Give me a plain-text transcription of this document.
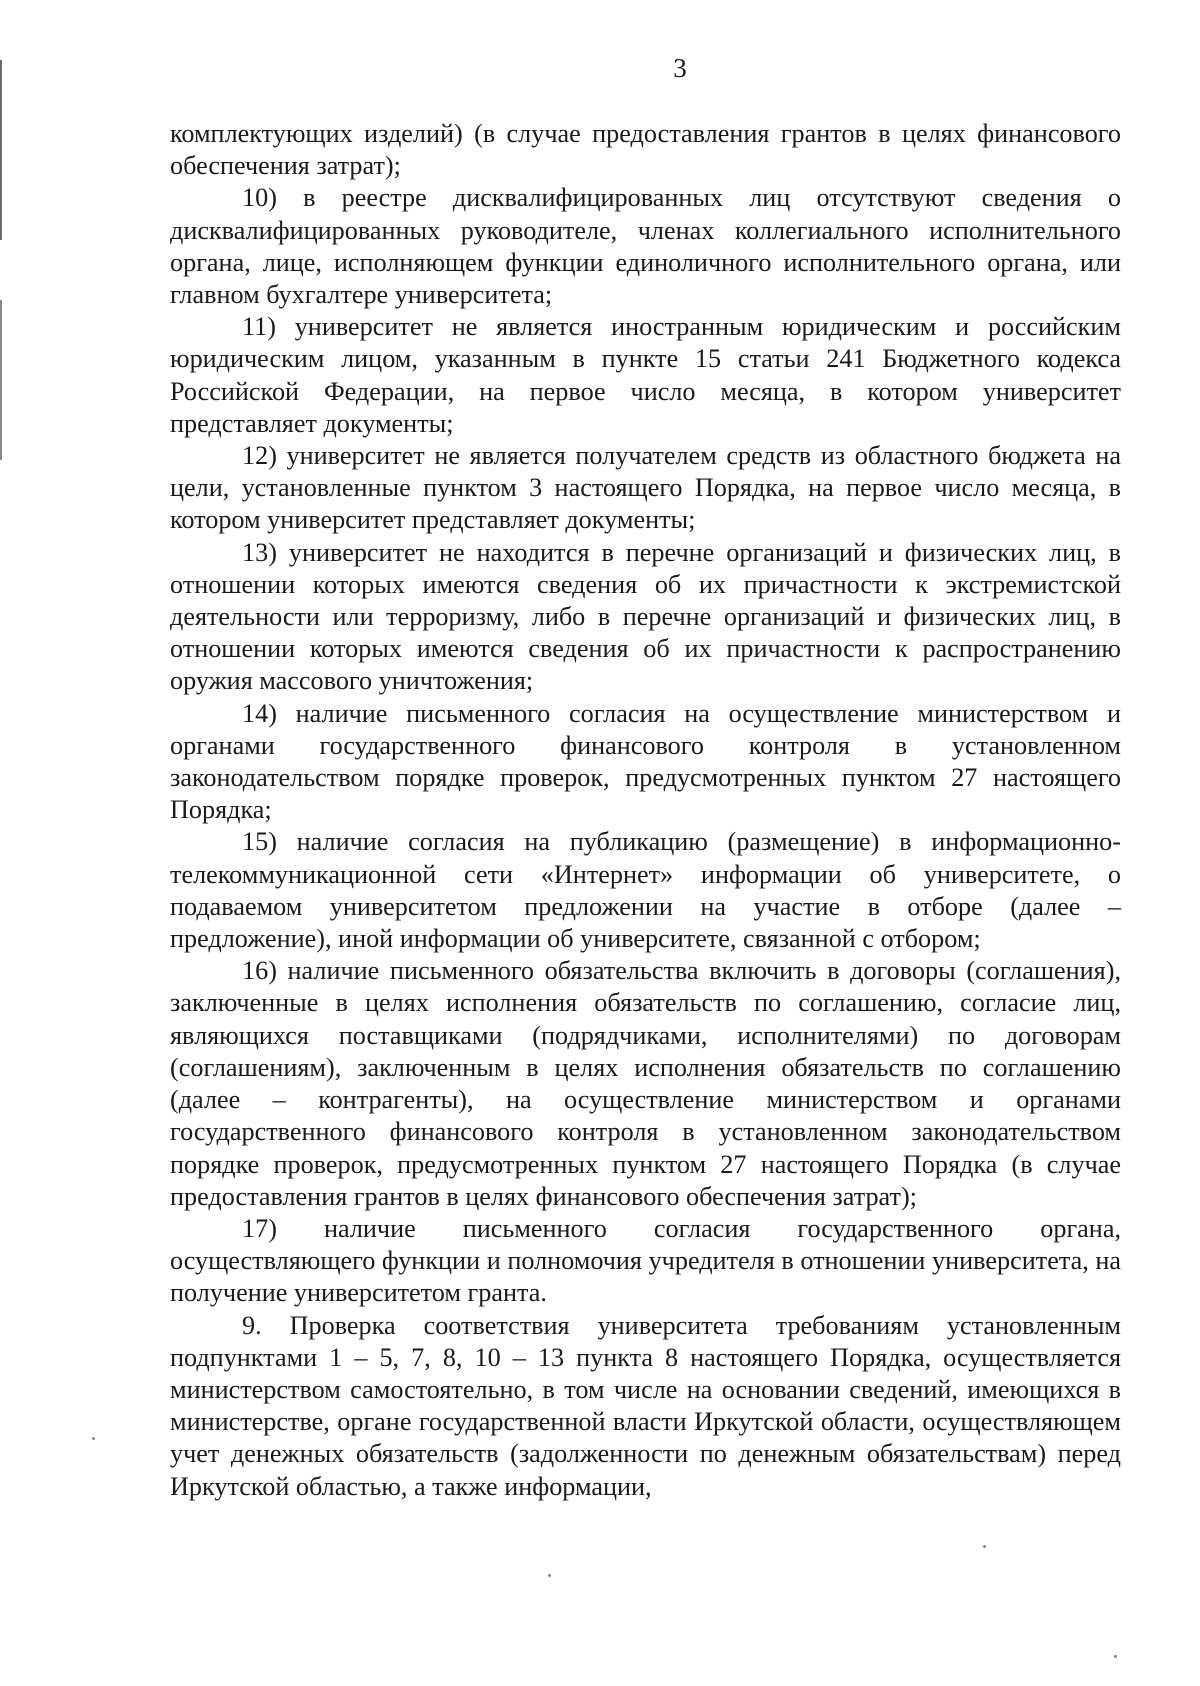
3

комплектующих изделий) (в случае предоставления грантов в целях финансового обеспечения затрат);

10) в реестре дисквалифицированных лиц отсутствуют сведения о дисквалифицированных руководителе, членах коллегиального исполнительного органа, лице, исполняющем функции единоличного исполнительного органа, или главном бухгалтере университета;

11) университет не является иностранным юридическим и российским юридическим лицом, указанным в пункте 15 статьи 241 Бюджетного кодекса Российской Федерации, на первое число месяца, в котором университет представляет документы;

12) университет не является получателем средств из областного бюджета на цели, установленные пунктом 3 настоящего Порядка, на первое число месяца, в котором университет представляет документы;

13) университет не находится в перечне организаций и физических лиц, в отношении которых имеются сведения об их причастности к экстремистской деятельности или терроризму, либо в перечне организаций и физических лиц, в отношении которых имеются сведения об их причастности к распространению оружия массового уничтожения;

14) наличие письменного согласия на осуществление министерством и органами государственного финансового контроля в установленном законодательством порядке проверок, предусмотренных пунктом 27 настоящего Порядка;

15) наличие согласия на публикацию (размещение) в информационно-телекоммуникационной сети «Интернет» информации об университете, о подаваемом университетом предложении на участие в отборе (далее – предложение), иной информации об университете, связанной с отбором;

16) наличие письменного обязательства включить в договоры (соглашения), заключенные в целях исполнения обязательств по соглашению, согласие лиц, являющихся поставщиками (подрядчиками, исполнителями) по договорам (соглашениям), заключенным в целях исполнения обязательств по соглашению (далее – контрагенты), на осуществление министерством и органами государственного финансового контроля в установленном законодательством порядке проверок, предусмотренных пунктом 27 настоящего Порядка (в случае предоставления грантов в целях финансового обеспечения затрат);

17) наличие письменного согласия государственного органа, осуществляющего функции и полномочия учредителя в отношении университета, на получение университетом гранта.

9. Проверка соответствия университета требованиям установленным подпунктами 1 – 5, 7, 8, 10 – 13 пункта 8 настоящего Порядка, осуществляется министерством самостоятельно, в том числе на основании сведений, имеющихся в министерстве, органе государственной власти Иркутской области, осуществляющем учет денежных обязательств (задолженности по денежным обязательствам) перед Иркутской областью, а также информации,
